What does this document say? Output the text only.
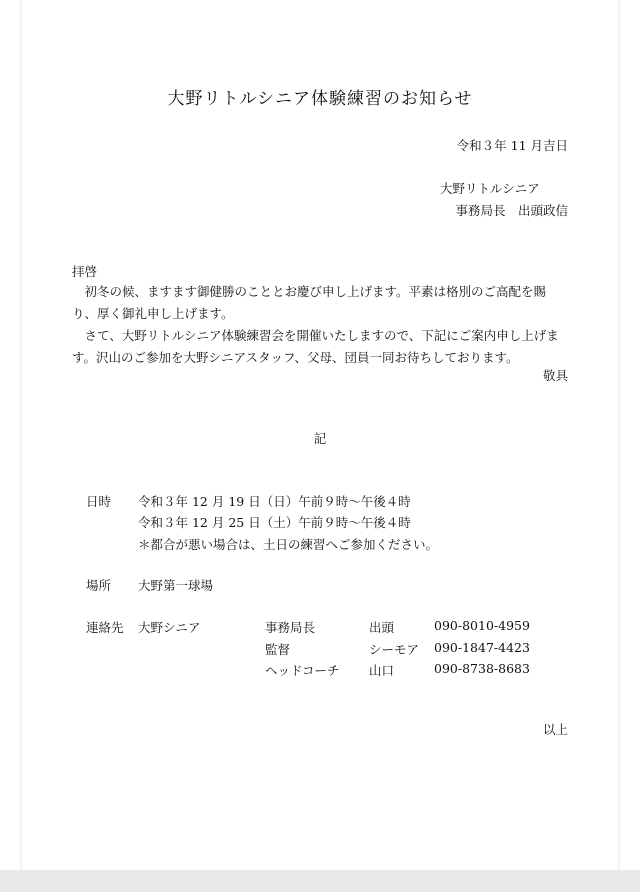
大野リトルシニア体験練習のお知らせ
令和３年 11 月吉日
大野リトルシニア
事務局長　出頭政信
拝啓
初冬の候、ますます御健勝のこととお慶び申し上げます。平素は格別のご高配を賜り、厚く御礼申し上げます。
さて、大野リトルシニア体験練習会を開催いたしますので、下記にご案内申し上げます。沢山のご参加を大野シニアスタッフ、父母、団員一同お待ちしております。
敬具
記
日時 令和３年 12 月 19 日（日）午前９時〜午後４時
令和３年 12 月 25 日（土）午前９時〜午後４時
＊都合が悪い場合は、土日の練習へご参加ください。
場所 大野第一球場
連絡先 大野シニア	事務局長	出頭	090-8010-4959
監督	シーモア 090-1847-4423
ヘッドコーチ 山口	090-8738-8683
以上
